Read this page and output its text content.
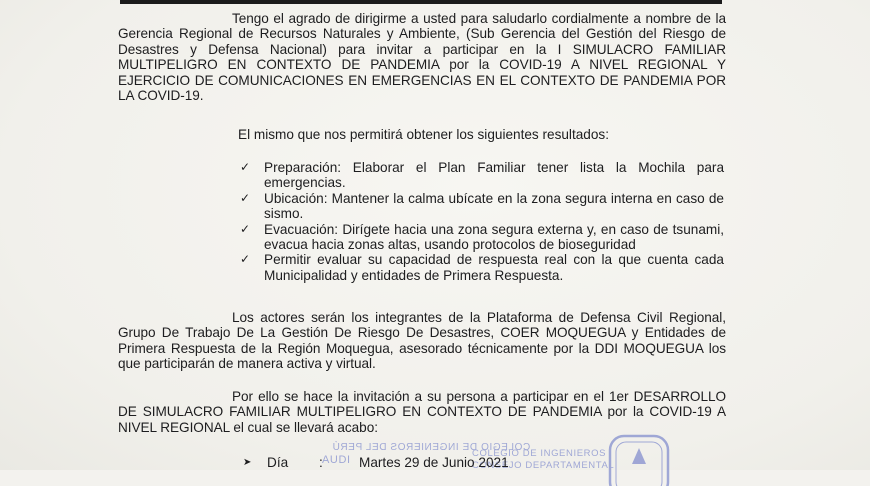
Tengo el agrado de dirigirme a usted para saludarlo cordialmente a nombre de la Gerencia Regional de Recursos Naturales y Ambiente, (Sub Gerencia del Gestión del Riesgo de Desastres y Defensa Nacional) para invitar a participar en la I SIMULACRO FAMILIAR MULTIPELIGRO EN CONTEXTO DE PANDEMIA por la COVID-19 A NIVEL REGIONAL Y EJERCICIO DE COMUNICACIONES EN EMERGENCIAS EN EL CONTEXTO DE PANDEMIA POR LA COVID-19.
El mismo que nos permitirá obtener los siguientes resultados:
✓ Preparación: Elaborar el Plan Familiar tener lista la Mochila para emergencias.
✓ Ubicación: Mantener la calma ubícate en la zona segura interna en caso de sismo.
✓ Evacuación: Dirígete hacia una zona segura externa y, en caso de tsunami, evacua hacia zonas altas, usando protocolos de bioseguridad
✓ Permitir evaluar su capacidad de respuesta real con la que cuenta cada Municipalidad y entidades de Primera Respuesta.
Los actores serán los integrantes de la Plataforma de Defensa Civil Regional, Grupo De Trabajo De La Gestión De Riesgo De Desastres, COER MOQUEGUA y Entidades de Primera Respuesta de la Región Moquegua, asesorado técnicamente por la DDI MOQUEGUA los que participarán de manera activa y virtual.
Por ello se hace la invitación a su persona a participar en el 1er DESARROLLO DE SIMULACRO FAMILIAR MULTIPELIGRO EN CONTEXTO DE PANDEMIA por la COVID-19 A NIVEL REGIONAL el cual se llevará acabo:
COLEGIO DE INGENIEROS DEL PERÚ
AUDI
COLEGIO DE INGENIEROS
CONSEJO DEPARTAMENTAL
➤ Día :	Martes 29 de Junio 2021
